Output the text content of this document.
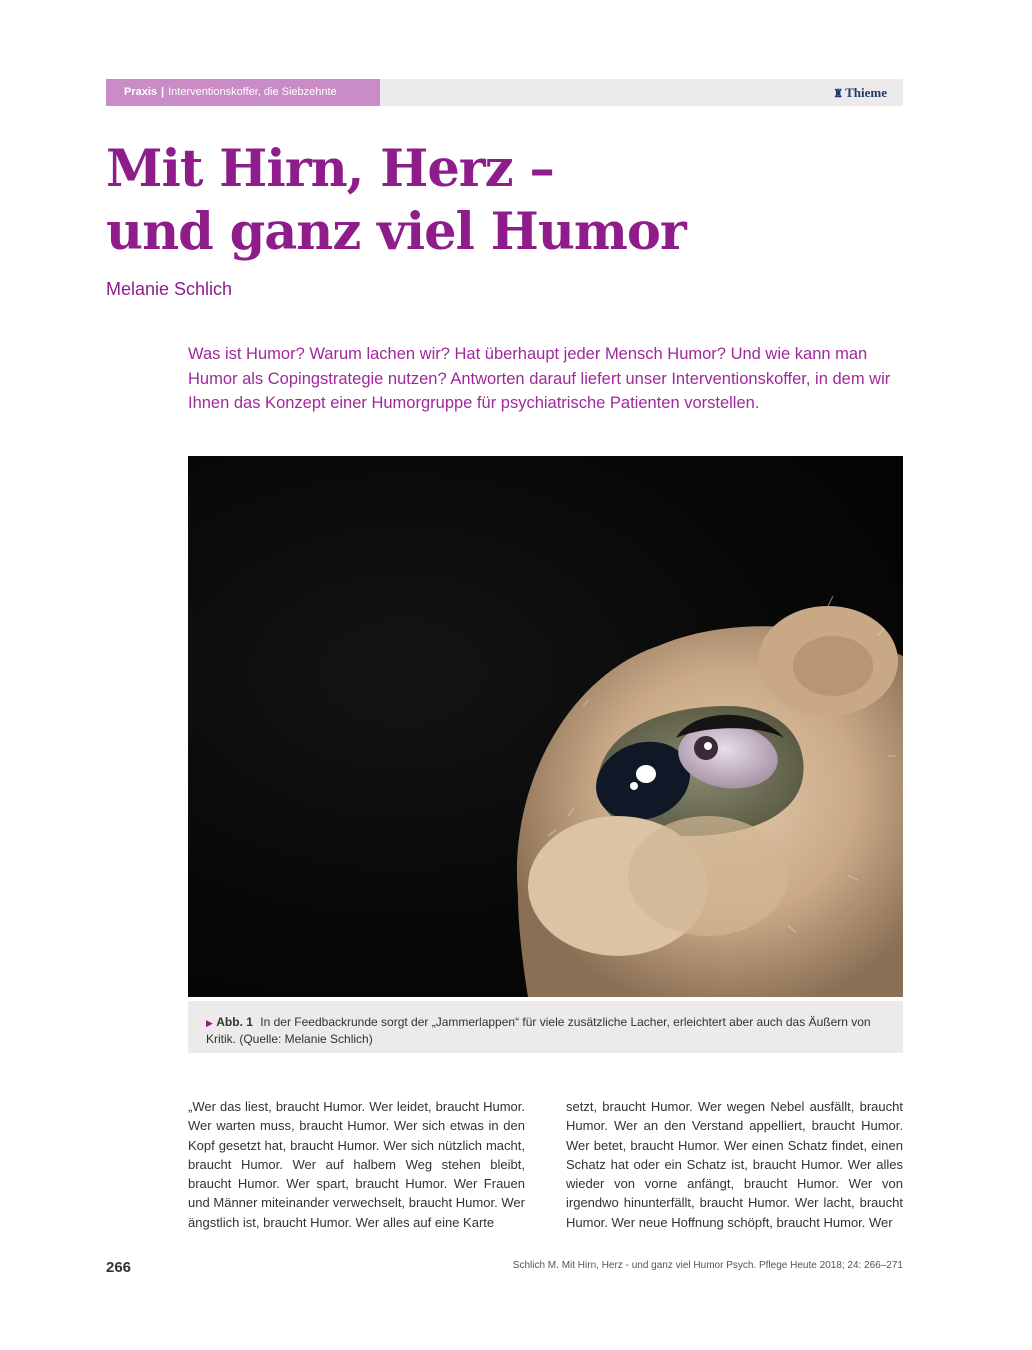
Praxis | Interventionskoffer, die Siebzehnte	♜ Thieme
Mit Hirn, Herz –
und ganz viel Humor
Melanie Schlich
Was ist Humor? Warum lachen wir? Hat überhaupt jeder Mensch Humor? Und wie kann man Humor als Copingstrategie nutzen? Antworten darauf liefert unser Interventionskoffer, in dem wir Ihnen das Konzept einer Humorgruppe für psychiatrische Patienten vorstellen.
▶ Abb. 1 In der Feedbackrunde sorgt der „Jammerlappen“ für viele zusätzliche Lacher, erleichtert aber auch das Äußern von Kritik. (Quelle: Melanie Schlich)
„Wer das liest, braucht Humor. Wer leidet, braucht Humor. Wer warten muss, braucht Humor. Wer sich etwas in den Kopf gesetzt hat, braucht Humor. Wer sich nützlich macht, braucht Humor. Wer auf halbem Weg stehen bleibt, braucht Humor. Wer spart, braucht Humor. Wer Frauen und Männer miteinander verwechselt, braucht Humor. Wer ängstlich ist, braucht Humor. Wer alles auf eine Karte
setzt, braucht Humor. Wer wegen Nebel ausfällt, braucht Humor. Wer an den Verstand appelliert, braucht Humor. Wer betet, braucht Humor. Wer einen Schatz findet, einen Schatz hat oder ein Schatz ist, braucht Humor. Wer alles wieder von vorne anfängt, braucht Humor. Wer von irgendwo hinunterfällt, braucht Humor. Wer lacht, braucht Humor. Wer neue Hoffnung schöpft, braucht Humor. Wer
266	Schlich M. Mit Hirn, Herz - und ganz viel Humor Psych. Pflege Heute 2018; 24: 266–271
